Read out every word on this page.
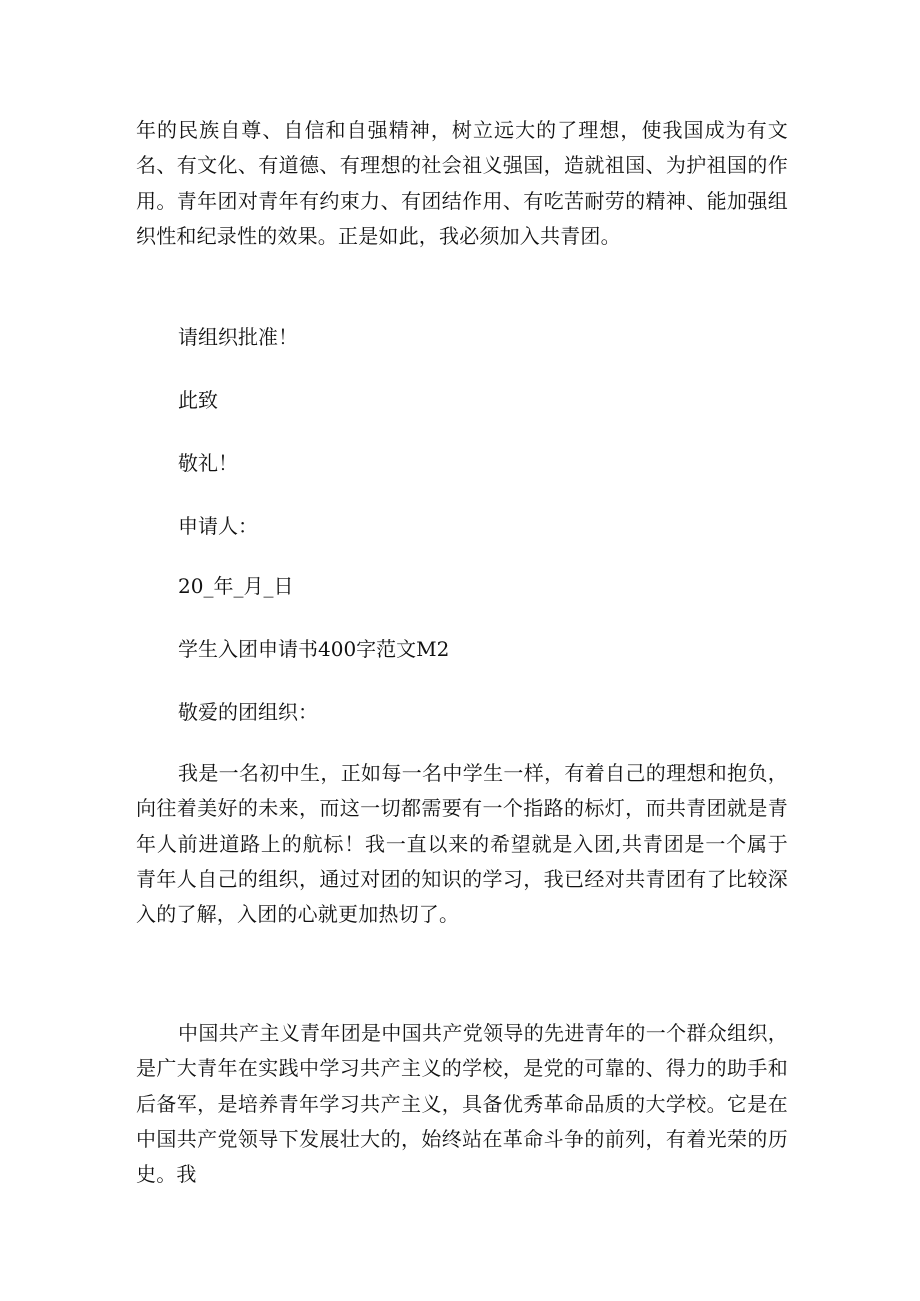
年的民族自尊、自信和自强精神，树立远大的了理想，使我国成为有文名、有文化、有道德、有理想的社会祖义强国，造就祖国、为护祖国的作用。青年团对青年有约束力、有团结作用、有吃苦耐劳的精神、能加强组织性和纪录性的效果。正是如此，我必须加入共青团。

请组织批准！

此致

敬礼！

申请人：

20_年_月_日

学生入团申请书400字范文M2

敬爱的团组织：

我是一名初中生，正如每一名中学生一样，有着自己的理想和抱负，向往着美好的未来，而这一切都需要有一个指路的标灯，而共青团就是青年人前进道路上的航标！我一直以来的希望就是入团,共青团是一个属于青年人自己的组织，通过对团的知识的学习，我已经对共青团有了比较深入的了解，入团的心就更加热切了。

中国共产主义青年团是中国共产党领导的先进青年的一个群众组织，是广大青年在实践中学习共产主义的学校，是党的可靠的、得力的助手和后备军，是培养青年学习共产主义，具备优秀革命品质的大学校。它是在中国共产党领导下发展壮大的，始终站在革命斗争的前列，有着光荣的历史。我
